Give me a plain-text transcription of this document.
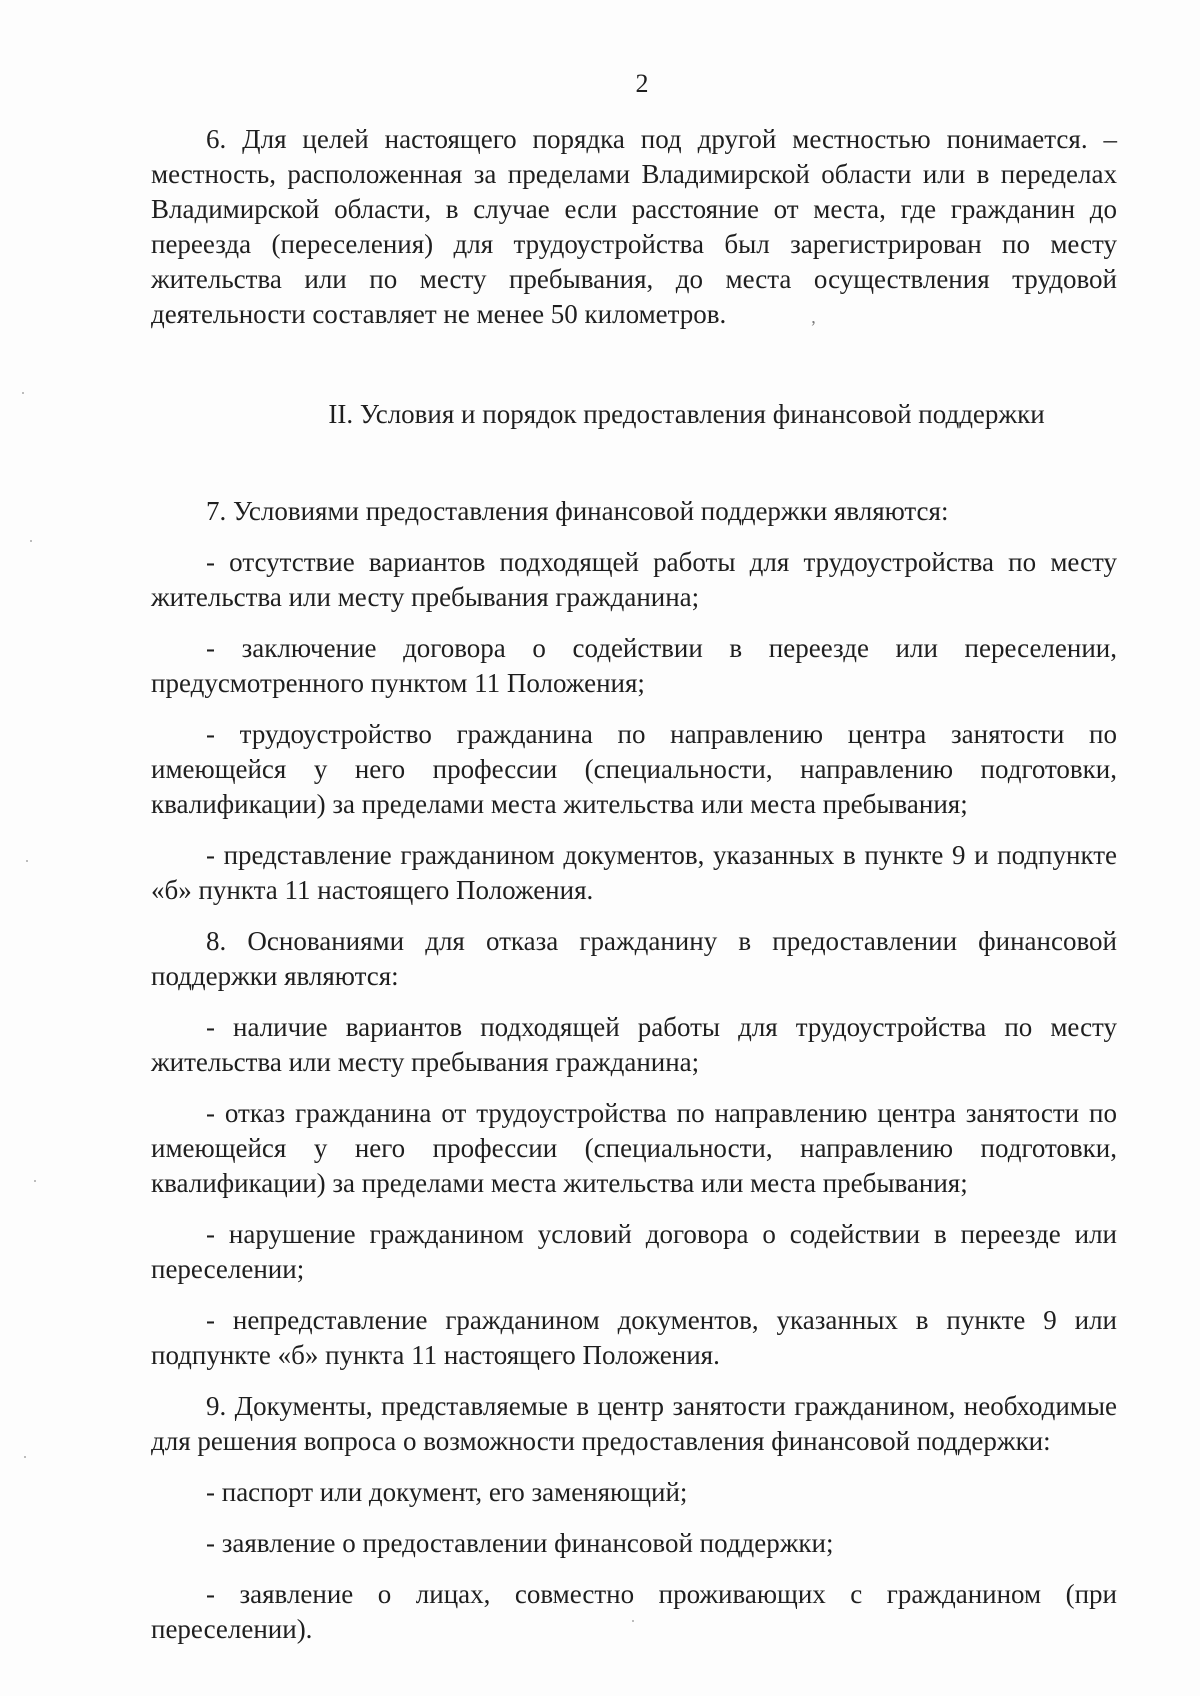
2

6. Для целей настоящего порядка под другой местностью понимается. – местность, расположенная за пределами Владимирской области или в переделах Владимирской области, в случае если расстояние от места, где гражданин до переезда (переселения) для трудоустройства был зарегистрирован по месту жительства или по месту пребывания, до места осуществления трудовой деятельности составляет не менее 50 километров.	,

II. Условия и порядок предоставления финансовой поддержки

7. Условиями предоставления финансовой поддержки являются:

- отсутствие вариантов подходящей работы для трудоустройства по месту жительства или месту пребывания гражданина;

- заключение договора о содействии в переезде или переселении, предусмотренного пунктом 11 Положения;

- трудоустройство гражданина по направлению центра занятости по имеющейся у него профессии (специальности, направлению подготовки, квалификации) за пределами места жительства или места пребывания;

- представление гражданином документов, указанных в пункте 9 и подпункте «б» пункта 11 настоящего Положения.

8. Основаниями для отказа гражданину в предоставлении финансовой поддержки являются:

- наличие вариантов подходящей работы для трудоустройства по месту жительства или месту пребывания гражданина;

- отказ гражданина от трудоустройства по направлению центра занятости по имеющейся у него профессии (специальности, направлению подготовки, квалификации) за пределами места жительства или места пребывания;

- нарушение гражданином условий договора о содействии в переезде или переселении;

- непредставление гражданином документов, указанных в пункте 9 или подпункте «б» пункта 11 настоящего Положения.

9. Документы, представляемые в центр занятости гражданином, необходимые для решения вопроса о возможности предоставления финансовой поддержки:

- паспорт или документ, его заменяющий;

- заявление о предоставлении финансовой поддержки;

- заявление о лицах, совместно проживающих с гражданином (при переселении).
